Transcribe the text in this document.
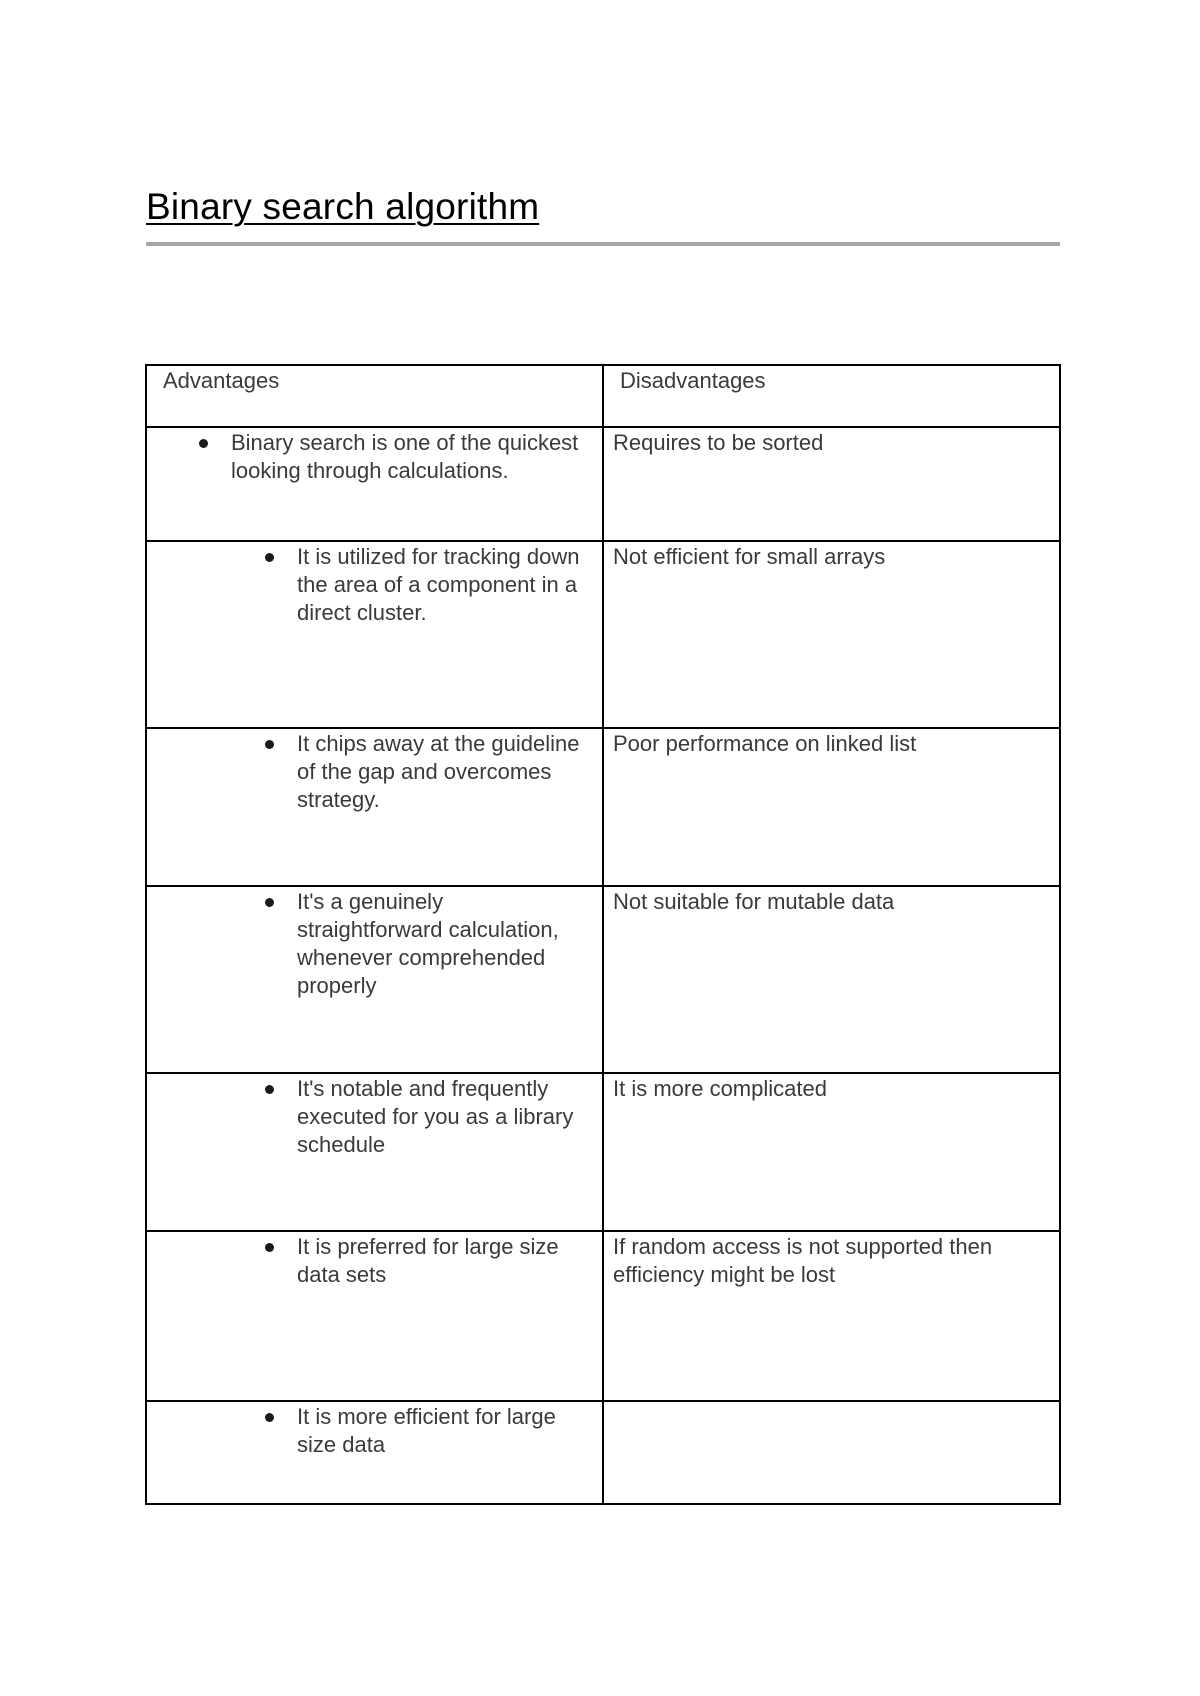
Binary search algorithm
Advantages	Disadvantages

Binary search is one of the quickest looking through calculations.	Requires to be sorted

It is utilized for tracking down the area of a component in a direct cluster.	Not efficient for small arrays

It chips away at the guideline of the gap and overcomes strategy.	Poor performance on linked list

It's a genuinely straightforward calculation, whenever comprehended properly	Not suitable for mutable data

It's notable and frequently executed for you as a library schedule	It is more complicated

It is preferred for large size data sets	If random access is not supported then efficiency might be lost

It is more efficient for large size data	
